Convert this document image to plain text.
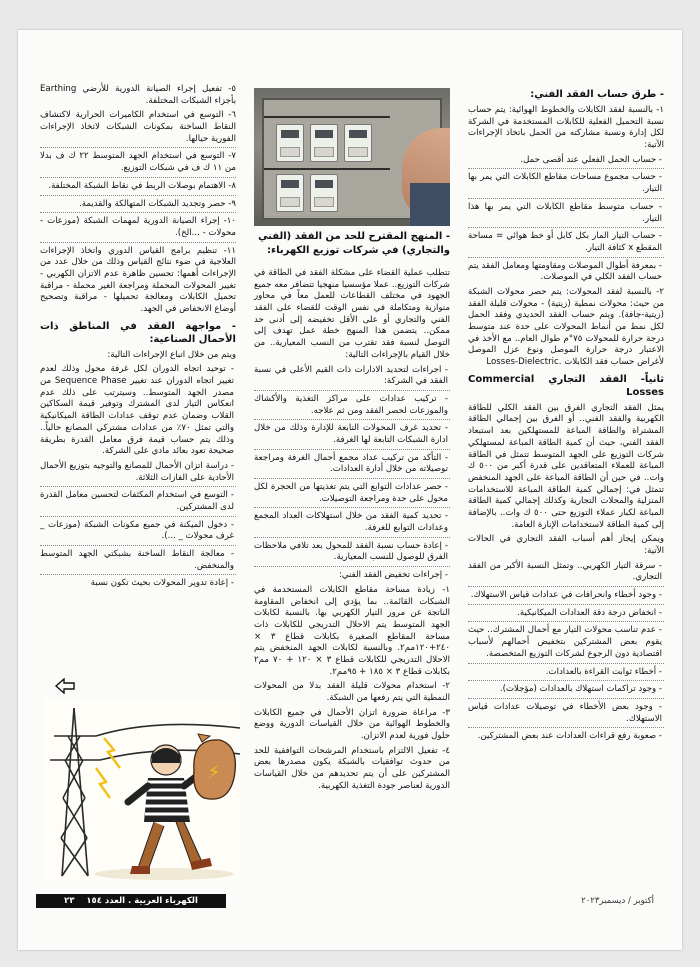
- طرق حساب الفقد الفني:

١- بالنسبة لفقد الكابلات والخطوط الهوائية: يتم حساب نسبة التحميل الفعلية للكابلات المستخدمة في الشركة لكل إدارة ونسبة مشاركته من الحمل باتخاذ الإجراءات الآتية:

- حساب الحمل الفعلي عند أقصى حمل.

- حساب مجموع مساحات مقاطع الكابلات التي يمر بها التيار.

- حساب متوسط مقاطع الكابلات التي يمر بها هذا التيار.

- حساب التيار المار بكل كابل أو خط هوائي = مساحة المقطع x كثافة التيار.

- بمعرفة أطوال الموصلات ومقاومتها ومعامل الفقد يتم حساب الفقد الكلي في الموصلات.

٢- بالنسبة لفقد المحولات: يتم حصر محولات الشبكة من حيث: محولات نمطية (زيتية) - محولات قليلة الفقد (زيتية-جافة). ويتم حساب الفقد الحديدي وفقد الحمل لكل نمط من أنماط المحولات على حدة عند متوسط درجة حرارة للمحولات ٧٥°م طوال العام.. مع الأخذ في الاعتبار درجة حرارة الموصل ونوع عزل الموصل لأغراض حساب فقد الكابلات Losses-Dielectric.

ثانياً- الفقد التجاري Commercial Losses

يمثل الفقد التجاري الفرق بين الفقد الكلي للطاقة الكهربية والفقد الفني.. أو الفرق بين إجمالي الطاقة المشتراة والطاقة المباعة للمستهلكين بعد استبعاد الفقد الفني، حيث أن كمية الطاقة المباعة لمستهلكي شركات التوزيع على الجهد المتوسط تتمثل في الطاقة المباعة للعملاء المتعاقدين على قدرة أكبر من ٥٠٠ ك وات.. في حين أن الطاقة المباعة على الجهد المنخفض تتمثل في: إجمالي كمية الطاقة المباعة للاستخدامات المنزلية والمحلات التجارية وكذلك إجمالي كمية الطاقة المباعة لكبار عملاء التوزيع حتى ٥٠٠ ك وات.. بالإضافة إلى كمية الطاقة لاستخدامات الإنارة العامة.

ويمكن إيجاز أهم أسباب الفقد التجاري في الحالات الآتية:

- سرقة التيار الكهربي.. وتمثل النسبة الأكبر من الفقد التجاري.

- وجود أخطاء وانحرافات في عدادات قياس الاستهلاك.

- انخفاض درجة دقة العدادات الميكانيكية.

- عدم تناسب محولات التيار مع أحمال المشترك.. حيث يقوم بعض المشتركين بتخفيض أحمالهم لأسباب اقتصادية دون الرجوع لشركات التوزيع المتخصصة.

- أخطاء ثوابت القراءة بالعدادات.

- وجود تراكمات استهلاك بالعدادات (مؤجلات).

- وجود بعض الأخطاء في توصيلات عدادات قياس الاستهلاك.

- صعوبة رفع قراءات العدادات عند بعض المشتركين.

- المنهج المقترح للحد من الفقد (الفني والتجاري) في شركات توزيع الكهرباء:

تتطلب عملية القضاء على مشكلة الفقد في الطاقة في شركات التوزيع.. عملا مؤسسيا منهجيا تتضافر معه جميع الجهود في مختلف القطاعات للعمل معاً في محاور متوازية ومتكاملة في نفس الوقت للقضاء على الفقد الفني والتجاري أو على الأقل تخفيضه إلى أدنى حد ممكن.. يتضمن هذا المنهج خطة عمل تهدف إلى التوصل لنسبة فقد تقترب من النسب المعيارية.. من خلال القيام بالإجراءات التالية:

- اجراءات لتحديد الادارات ذات القيم الأعلى في نسبة الفقد في الشركة:

- تركيب عدادات على مراكز التغذية والأكشاك والموزعات لحصر الفقد ومن ثم علاجه.

- تحديد غرف المحولات التابعة للإدارة وذلك من خلال ادارة الشبكات التابعة لها الغرفة.

- التأكد من تركيب عداد مجمع أحمال الغرفة ومراجعة توصيلاته من خلال أدارة العدادات.

- حصر عدادات التوابع التي يتم تغذيتها من الحجرة لكل محول على حدة ومراجعة التوصيلات.

- تحديد كمية الفقد من خلال استهلاكات العداد المجمع وعدادات التوابع للغرفة.

- إعادة حساب نسبة الفقد للمحول بعد تلافي ملاحظات الفرق للوصول للنسب المعيارية.

- إجراءات تخفيض الفقد الفني:

١- زيادة مساحة مقاطع الكابلات المستخدمة في الشبكات القائمة.. بما يؤدي إلى انخفاض المقاومة الناتجة عن مرور التيار الكهربي بها. بالنسبة لكابلات الجهد المتوسط يتم الاحلال التدريجي للكابلات ذات مساحة المقاطع الصغيرة بكابلات قطاع ٣ × ٢٤٠+١٢٠مم٢. وبالنسبة لكابلات الجهد المنخفض يتم الاحلال التدريجي للكابلات قطاع ٣ × ١٢٠ + ٧٠ مم٢ بكابلات قطاع ٣ × ١٨٥ + ٩٥مم٢.

٢- استخدام محولات قليلة الفقد بدلا من المحولات النمطية التي يتم رفعها من الشبكة.

٣- مراعاة ضرورة اتزان الأحمال في جميع الكابلات والخطوط الهوائية من خلال القياسات الدورية ووضع حلول فورية لعدم الاتزان.

٤- تفعيل الالتزام باستخدام المرشحات التوافقية للحد من حدوث توافقيات بالشبكة يكون مصدرها بعض المشتركين على أن يتم تحديدهم من خلال القياسات الدورية لعناصر جودة التغذية الكهربية.

٥- تفعيل إجراء الصيانة الدورية للأرضي Earthing بأجزاء الشبكات المختلفة.

٦- التوسع في استخدام الكاميرات الحرارية لاكتشاف النقاط الساخنة بمكونات الشبكات لاتخاذ الإجراءات الفورية حيالها.

٧- التوسع في استخدام الجهد المتوسط ٢٢ ك ف بدلا من ١١ ك ف في شبكات التوزيع.

٨- الاهتمام بوصلات الربط في نقاط الشبكة المختلفة.

٩- حصر وتجديد الشبكات المتهالكة والقديمة.

١٠- إجراء الصيانة الدورية لمهمات الشبكة (موزعات - محولات - ...الخ).

١١- تنظيم برامج القياس الدوري واتخاذ الإجراءات العلاجية في ضوء نتائج القياس وذلك من خلال عدد من الإجراءات أهمها: تحسين ظاهرة عدم الاتزان الكهربي - تغيير المحولات المحملة ومراجعة الغير محملة - مراقبة تحميل الكابلات ومعالجة تحميلها - مراقبة وتصحيح أوضاع الانخفاض في الجهد.

- مواجهة الفقد في المناطق ذات الأحمال الصناعية:

ويتم من خلال اتباع الإجراءات التالية:

- توحيد اتجاه الدوران لكل غرفة محول وذلك لعدم تغيير اتجاه الدوران عند تغيير Sequence Phase من مصدر الجهد المتوسط.. وسيترتب على ذلك عدم انعكاس التيار لدى المشترك وتوفير قيمة السكاكين القلاب وضمان عدم توقف عدادات الطاقة الميكانيكية والتي تمثل ٧٠٪ من عدادات مشتركي المصانع حالياً.. وذلك يتم حساب قيمة فرق معامل القدرة بطريقة صحيحة تعود بعائد مادي على الشركة.

- دراسة اتزان الأحمال للمصانع والتوجيه بتوزيع الأحمال الأحادية على الفازات الثلاثة.

- التوسع في استخدام المكثفات لتحسين معامل القدرة لدى المشتركين.

- دخول الميكنة في جميع مكونات الشبكة (موزعات _ غرف محولات _ ...).

- معالجة النقاط الساخنة بشبكتي الجهد المتوسط والمنخفض.

- إعادة تدوير المحولات بحيث تكون نسبة

⚡
الكهرباء العربية . العدد ١٥٤    ٢٣	أكتوبر / ديسمبر٢٠٢٣
